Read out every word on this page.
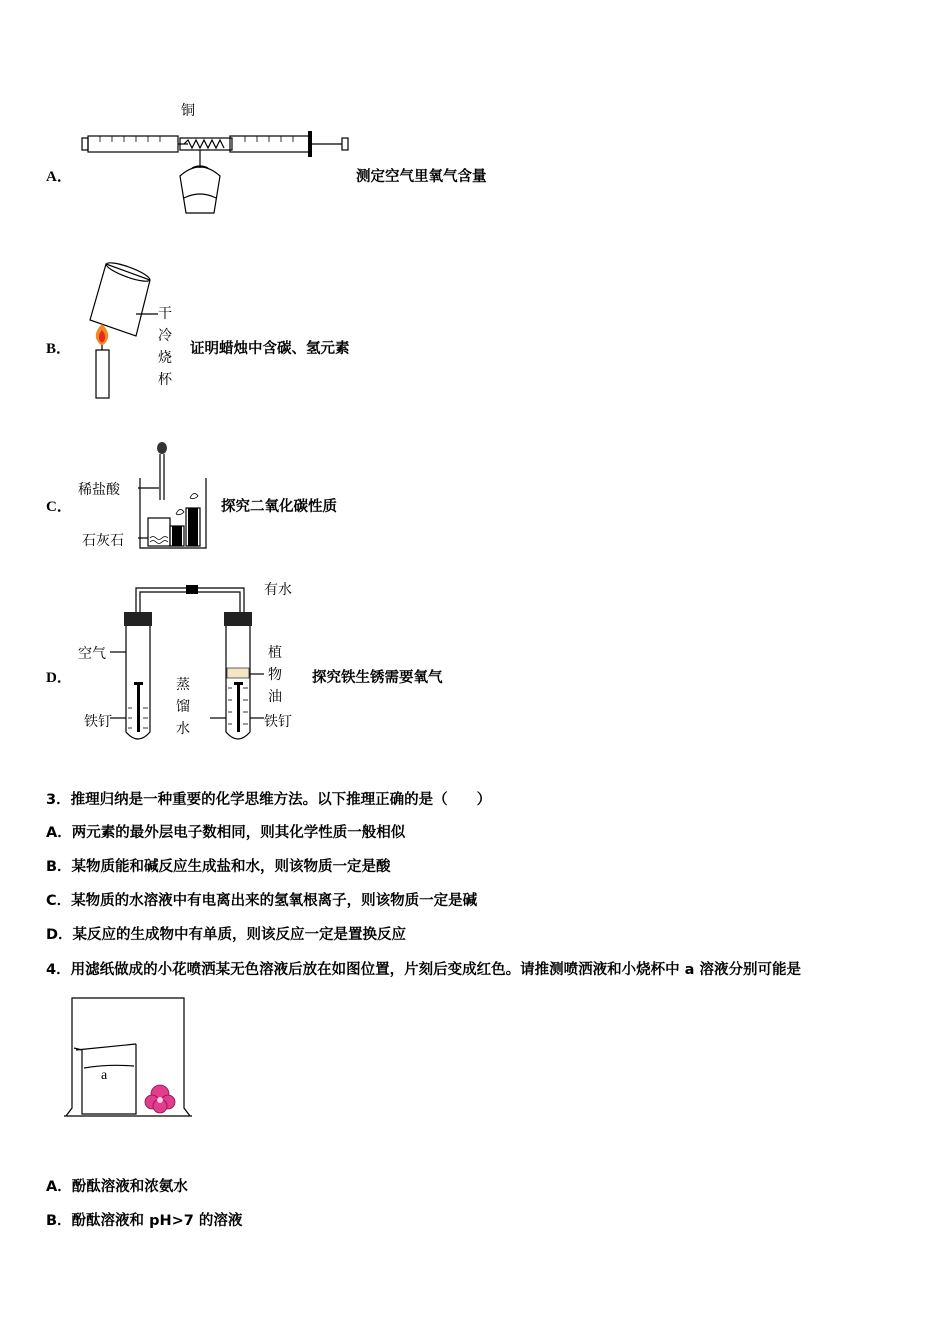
A．
铜
测定空气里氧气含量
B．
干冷烧杯
证明蜡烛中含碳、氢元素
C．
稀盐酸
石灰石
探究二氧化碳性质
D．
有水
空气
蒸馏水
植物油
铁钉	铁钉
探究铁生锈需要氧气
3．推理归纳是一种重要的化学思维方法。以下推理正确的是（　　）
A．两元素的最外层电子数相同，则其化学性质一般相似
B．某物质能和碱反应生成盐和水，则该物质一定是酸
C．某物质的水溶液中有电离出来的氢氧根离子，则该物质一定是碱
D．某反应的生成物中有单质，则该反应一定是置换反应
4．用滤纸做成的小花喷洒某无色溶液后放在如图位置，片刻后变成红色。请推测喷洒液和小烧杯中 a 溶液分别可能是
a
A．酚酞溶液和浓氨水
B．酚酞溶液和 pH>7 的溶液
